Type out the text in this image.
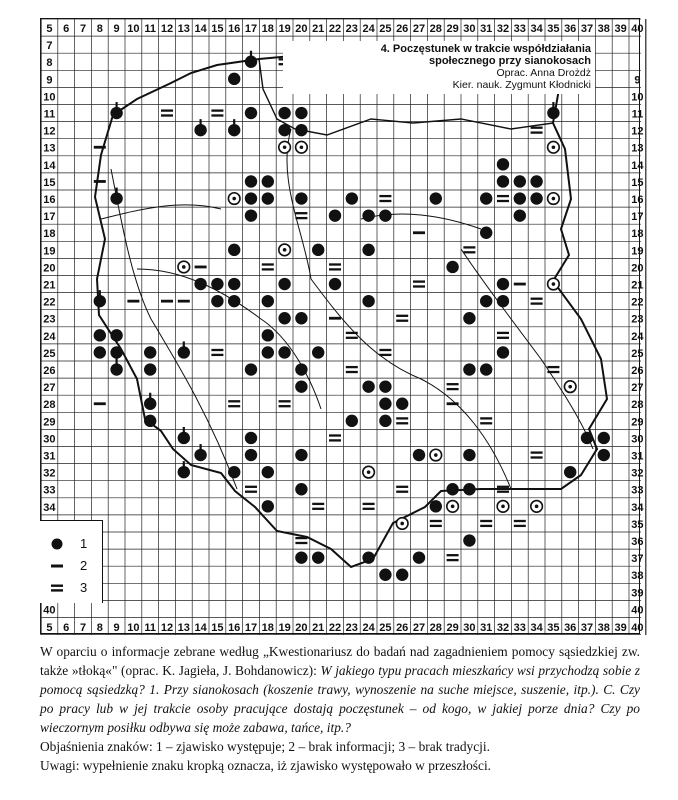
5
5
6
6
7
7
8
8
9
9
10
10
11
11
12
12
13
13
14
14
15
15
16
16
17
17
18
18
19
19
20
20
21
21
22
22
23
23
24
24
25
25
26
26
27
27
28
28
29
29
30
30
31
31
32
32
33
33
34
34
35
35
36
36
37
37
38
38
39
39
40
40
7
8
9
10
11
12
13
14
15
16
17
18
19
20
21
22
23
24
25
26
27
28
29
30
31
32
33
34
40
9
10
11
12
13
14
15
16
17
18
19
20
21
22
23
24
25
26
27
28
29
30
31
32
33
34
35
36
37
38
39
40
4. Poczęstunek w trakcie współdziałania
społecznego przy sianokosach
Oprac. Anna Drożdż
Kier. nauk. Zygmunt Kłodnicki
1
2
3

W oparciu o informacje zebrane według „Kwestionariusz do badań nad zagadnieniem pomocy sąsiedzkiej zw. także »tłoką«" (oprac. K. Jagieła, J. Bohdanowicz): W jakiego typu pracach mieszkańcy wsi przychodzą sobie z pomocą sąsiedzką? 1. Przy sianokosach (koszenie trawy, wynoszenie na suche miejsce, suszenie, itp.). C. Czy po pracy lub w jej trakcie osoby pracujące dostają poczęstunek – od kogo, w jakiej porze dnia? Czy po wieczornym posiłku odbywa się może zabawa, tańce, itp.?

Objaśnienia znaków: 1 – zjawisko występuje; 2 – brak informacji; 3 – brak tradycji.

Uwagi: wypełnienie znaku kropką oznacza, iż zjawisko występowało w przeszłości.
